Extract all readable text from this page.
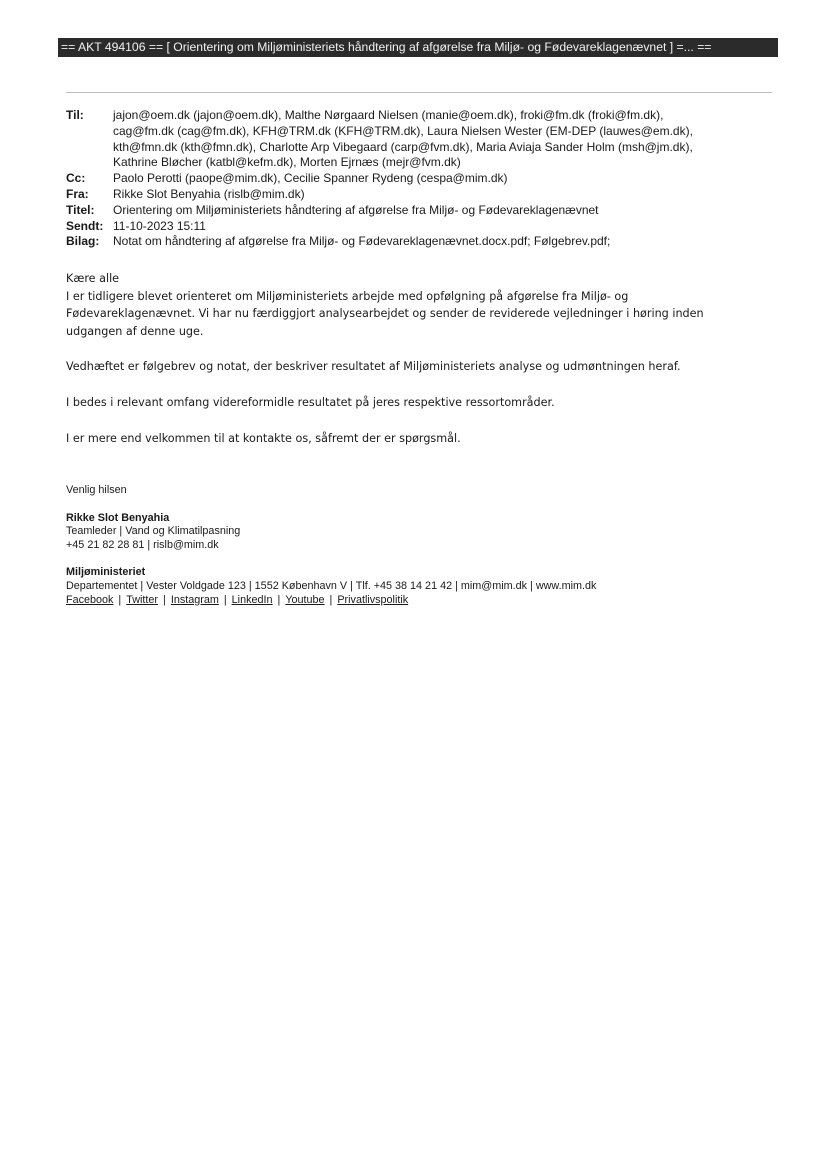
== AKT 494106 == [ Orientering om Miljøministeriets håndtering af afgørelse fra Miljø- og Fødevareklagenævnet ] =... ==
Til:	jajon@oem.dk (jajon@oem.dk), Malthe Nørgaard Nielsen (manie@oem.dk), froki@fm.dk (froki@fm.dk),
cag@fm.dk (cag@fm.dk), KFH@TRM.dk (KFH@TRM.dk), Laura Nielsen Wester (EM-DEP (lauwes@em.dk),
kth@fmn.dk (kth@fmn.dk), Charlotte Arp Vibegaard (carp@fvm.dk), Maria Aviaja Sander Holm (msh@jm.dk),
Kathrine Bløcher (katbl@kefm.dk), Morten Ejrnæs (mejr@fvm.dk)
Cc:	Paolo Perotti (paope@mim.dk), Cecilie Spanner Rydeng (cespa@mim.dk)
Fra:	Rikke Slot Benyahia (rislb@mim.dk)
Titel:	Orientering om Miljøministeriets håndtering af afgørelse fra Miljø- og Fødevareklagenævnet
Sendt: 11-10-2023 15:11
Bilag:	Notat om håndtering af afgørelse fra Miljø- og Fødevareklagenævnet.docx.pdf; Følgebrev.pdf;

Kære alle

I er tidligere blevet orienteret om Miljøministeriets arbejde med opfølgning på afgørelse fra Miljø- og

Fødevareklagenævnet. Vi har nu færdiggjort analysearbejdet og sender de reviderede vejledninger i høring inden

udgangen af denne uge.

Vedhæftet er følgebrev og notat, der beskriver resultatet af Miljøministeriets analyse og udmøntningen heraf.

I bedes i relevant omfang videreformidle resultatet på jeres respektive ressortområder.

I er mere end velkommen til at kontakte os, såfremt der er spørgsmål.

Venlig hilsen
Rikke Slot Benyahia
Teamleder | Vand og Klimatilpasning
+45 21 82 28 81 | rislb@mim.dk
Miljøministeriet
Departementet | Vester Voldgade 123 | 1552 København V | Tlf. +45 38 14 21 42 | mim@mim.dk | www.mim.dk
Facebook | Twitter | Instagram | LinkedIn | Youtube | Privatlivspolitik
